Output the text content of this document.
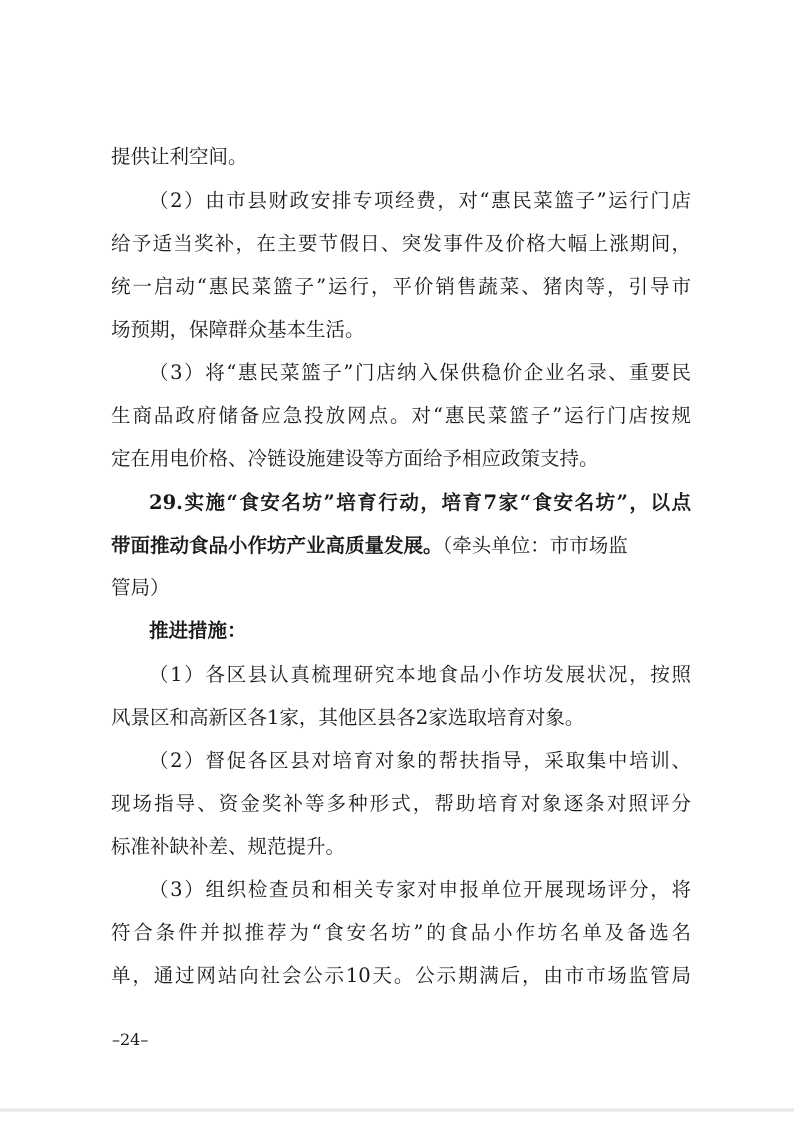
提供让利空间。
（2）由市县财政安排专项经费，对“惠民菜篮子”运行门店
给予适当奖补，在主要节假日、突发事件及价格大幅上涨期间，
统一启动“惠民菜篮子”运行，平价销售蔬菜、猪肉等，引导市
场预期，保障群众基本生活。
（3）将“惠民菜篮子”门店纳入保供稳价企业名录、重要民
生商品政府储备应急投放网点。对“惠民菜篮子”运行门店按规
定在用电价格、冷链设施建设等方面给予相应政策支持。
29.实施“食安名坊”培育行动，培育7家“食安名坊”，以点
带面推动食品小作坊产业高质量发展。（牵头单位：市市场监
管局）
推进措施：
（1）各区县认真梳理研究本地食品小作坊发展状况，按照
风景区和高新区各1家，其他区县各2家选取培育对象。
（2）督促各区县对培育对象的帮扶指导，采取集中培训、
现场指导、资金奖补等多种形式，帮助培育对象逐条对照评分
标准补缺补差、规范提升。
（3）组织检查员和相关专家对申报单位开展现场评分，将
符合条件并拟推荐为“食安名坊”的食品小作坊名单及备选名
单，通过网站向社会公示10天。公示期满后，由市市场监管局
–24–
